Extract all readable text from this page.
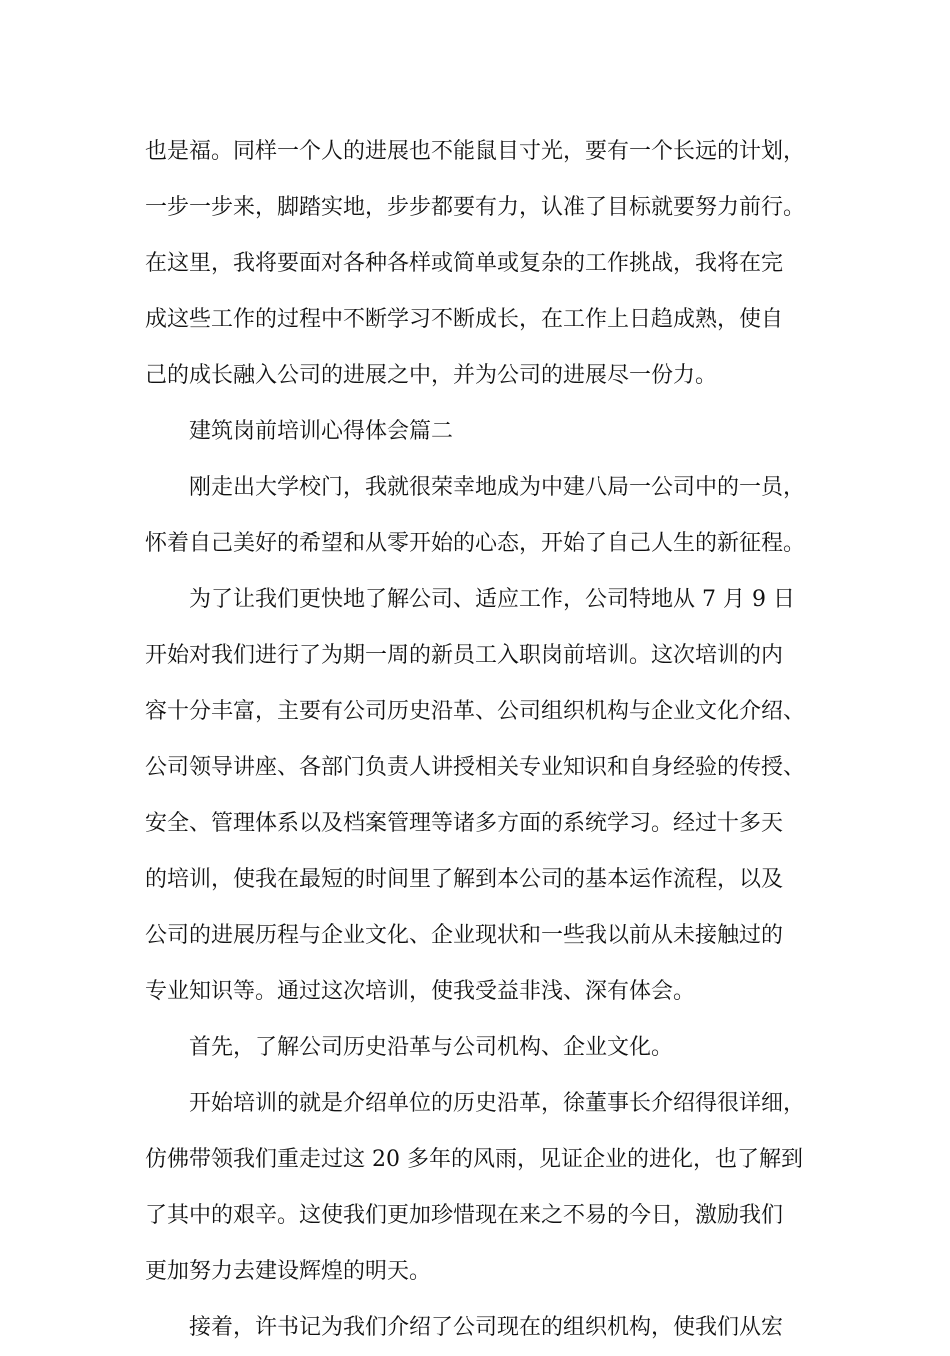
也是福。同样一个人的进展也不能鼠目寸光，要有一个长远的计划，
一步一步来，脚踏实地，步步都要有力，认准了目标就要努力前行。
在这里，我将要面对各种各样或简单或复杂的工作挑战，我将在完
成这些工作的过程中不断学习不断成长，在工作上日趋成熟，使自
己的成长融入公司的进展之中，并为公司的进展尽一份力。
建筑岗前培训心得体会篇二
刚走出大学校门，我就很荣幸地成为中建八局一公司中的一员，
怀着自己美好的希望和从零开始的心态，开始了自己人生的新征程。
为了让我们更快地了解公司、适应工作，公司特地从 7 月 9 日
开始对我们进行了为期一周的新员工入职岗前培训。这次培训的内
容十分丰富，主要有公司历史沿革、公司组织机构与企业文化介绍、
公司领导讲座、各部门负责人讲授相关专业知识和自身经验的传授、
安全、管理体系以及档案管理等诸多方面的系统学习。经过十多天
的培训，使我在最短的时间里了解到本公司的基本运作流程，以及
公司的进展历程与企业文化、企业现状和一些我以前从未接触过的
专业知识等。通过这次培训，使我受益非浅、深有体会。
首先，了解公司历史沿革与公司机构、企业文化。
开始培训的就是介绍单位的历史沿革，徐董事长介绍得很详细，
仿佛带领我们重走过这 20 多年的风雨，见证企业的进化，也了解到
了其中的艰辛。这使我们更加珍惜现在来之不易的今日，激励我们
更加努力去建设辉煌的明天。
接着，许书记为我们介绍了公司现在的组织机构，使我们从宏
